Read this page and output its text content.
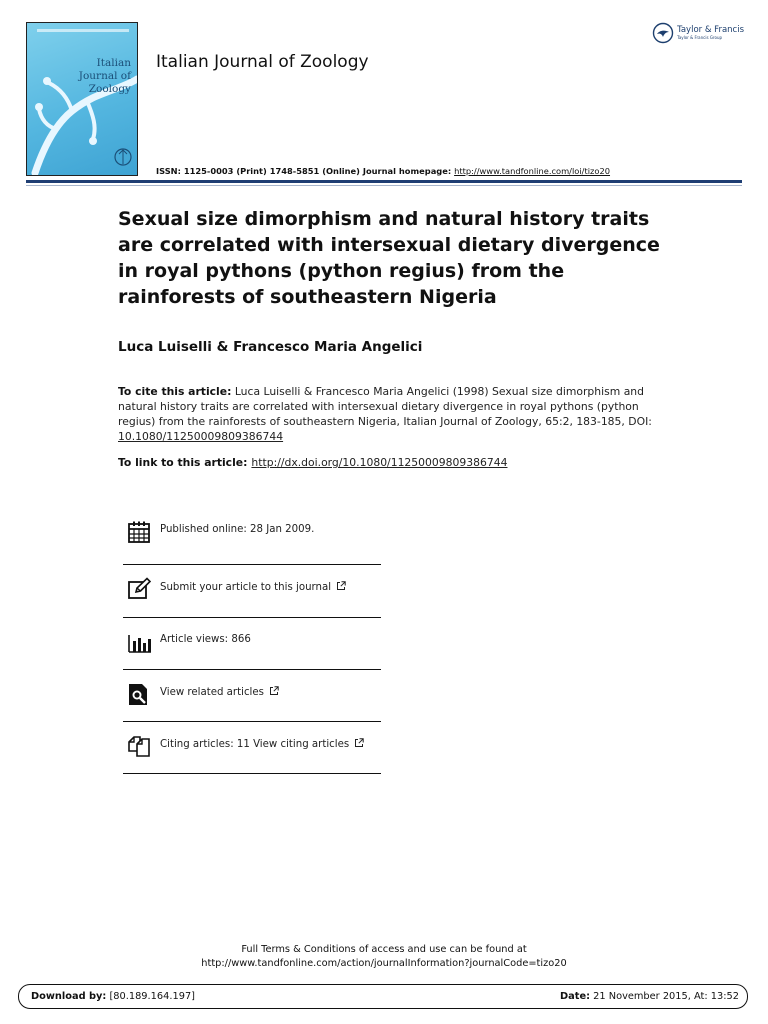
Italian
Journal of
Zoology
Italian Journal of Zoology
Taylor & Francis
Taylor & Francis Group
ISSN: 1125-0003 (Print) 1748-5851 (Online) Journal homepage: http://www.tandfonline.com/loi/tizo20
Sexual size dimorphism and natural history traits are correlated with intersexual dietary divergence in royal pythons (python regius) from the rainforests of southeastern Nigeria
Luca Luiselli & Francesco Maria Angelici
To cite this article: Luca Luiselli & Francesco Maria Angelici (1998) Sexual size dimorphism and natural history traits are correlated with intersexual dietary divergence in royal pythons (python regius) from the rainforests of southeastern Nigeria, Italian Journal of Zoology, 65:2, 183-185, DOI: 10.1080/11250009809386744
To link to this article: http://dx.doi.org/10.1080/11250009809386744
Published online: 28 Jan 2009.
Submit your article to this journal
Article views: 866
View related articles
Citing articles: 11 View citing articles
Full Terms & Conditions of access and use can be found at
http://www.tandfonline.com/action/journalInformation?journalCode=tizo20
Download by: [80.189.164.197]	Date: 21 November 2015, At: 13:52
